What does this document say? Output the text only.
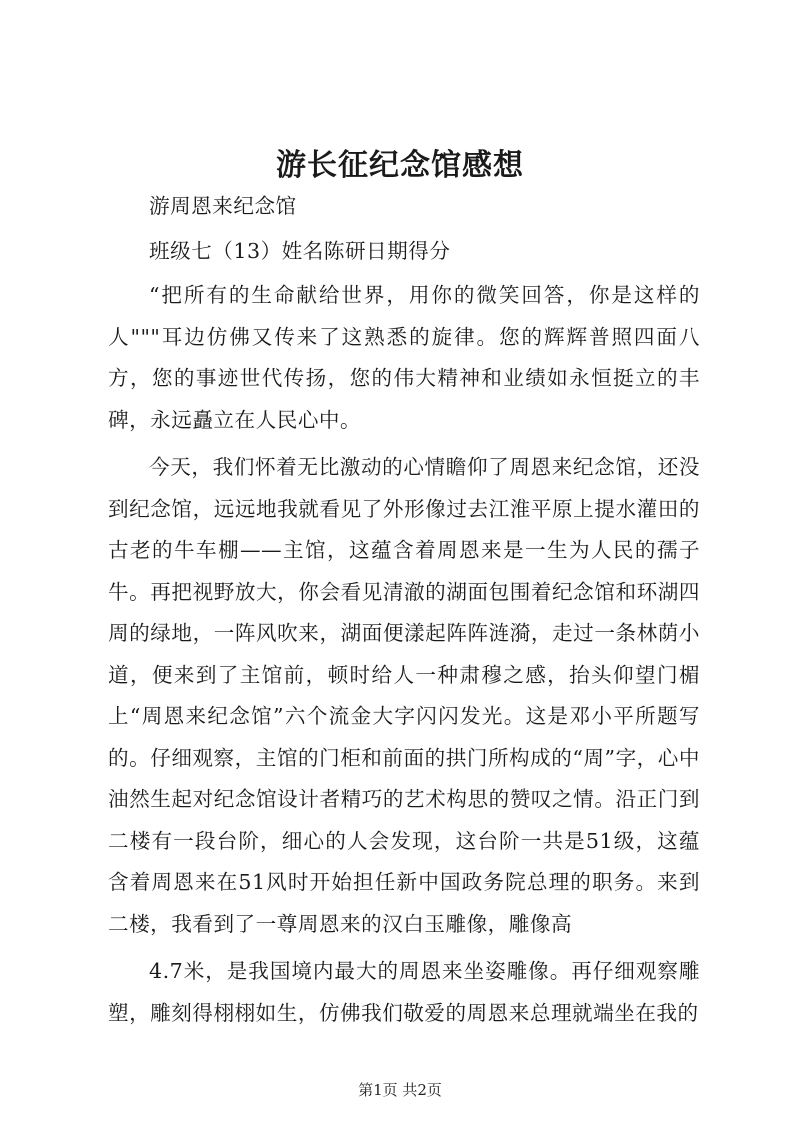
游长征纪念馆感想

游周恩来纪念馆

班级七（13）姓名陈研日期得分

“把所有的生命献给世界，用你的微笑回答，你是这样的人"""耳边仿佛又传来了这熟悉的旋律。您的辉辉普照四面八方，您的事迹世代传扬，您的伟大精神和业绩如永恒挺立的丰碑，永远矗立在人民心中。

今天，我们怀着无比激动的心情瞻仰了周恩来纪念馆，还没到纪念馆，远远地我就看见了外形像过去江淮平原上提水灌田的古老的牛车棚——主馆，这蕴含着周恩来是一生为人民的孺子牛。再把视野放大，你会看见清澈的湖面包围着纪念馆和环湖四周的绿地，一阵风吹来，湖面便漾起阵阵涟漪，走过一条林荫小道，便来到了主馆前，顿时给人一种肃穆之感，抬头仰望门楣上“周恩来纪念馆”六个流金大字闪闪发光。这是邓小平所题写的。仔细观察，主馆的门柜和前面的拱门所构成的“周”字，心中油然生起对纪念馆设计者精巧的艺术构思的赞叹之情。沿正门到二楼有一段台阶，细心的人会发现，这台阶一共是51级，这蕴含着周恩来在51风时开始担任新中国政务院总理的职务。来到二楼，我看到了一尊周恩来的汉白玉雕像，雕像高

4.7米，是我国境内最大的周恩来坐姿雕像。再仔细观察雕塑，雕刻得栩栩如生，仿佛我们敬爱的周恩来总理就端坐在我的

第1页 共2页
